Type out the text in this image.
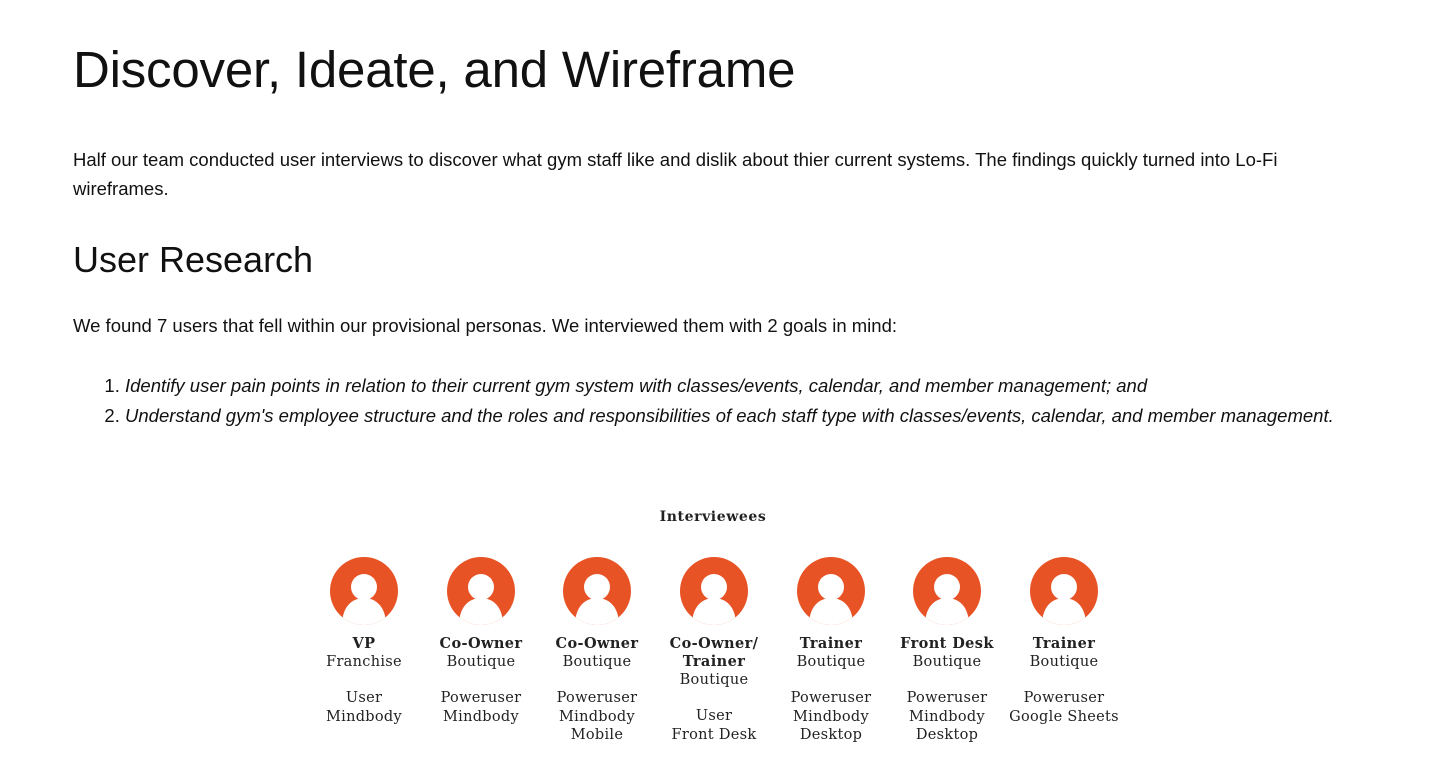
Discover, Ideate, and Wireframe

Half our team conducted user interviews to discover what gym staff like and dislik about thier current systems. The findings quickly turned into Lo-Fi wireframes.

User Research

We found 7 users that fell within our provisional personas. We interviewed them with 2 goals in mind:

1. Identify user pain points in relation to their current gym system with classes/events, calendar, and member management; and
2. Understand gym's employee structure and the roles and responsibilities of each staff type with classes/events, calendar, and member management.

Interviewees

VP
Franchise
User
Mindbody
Co-Owner
Boutique
Poweruser
Mindbody
Co-Owner
Boutique
Poweruser
Mindbody
Mobile
Co-Owner/
Trainer
Boutique
User
Front Desk
Trainer
Boutique
Poweruser
Mindbody
Desktop
Front Desk
Boutique
Poweruser
Mindbody
Desktop
Trainer
Boutique
Poweruser
Google Sheets
